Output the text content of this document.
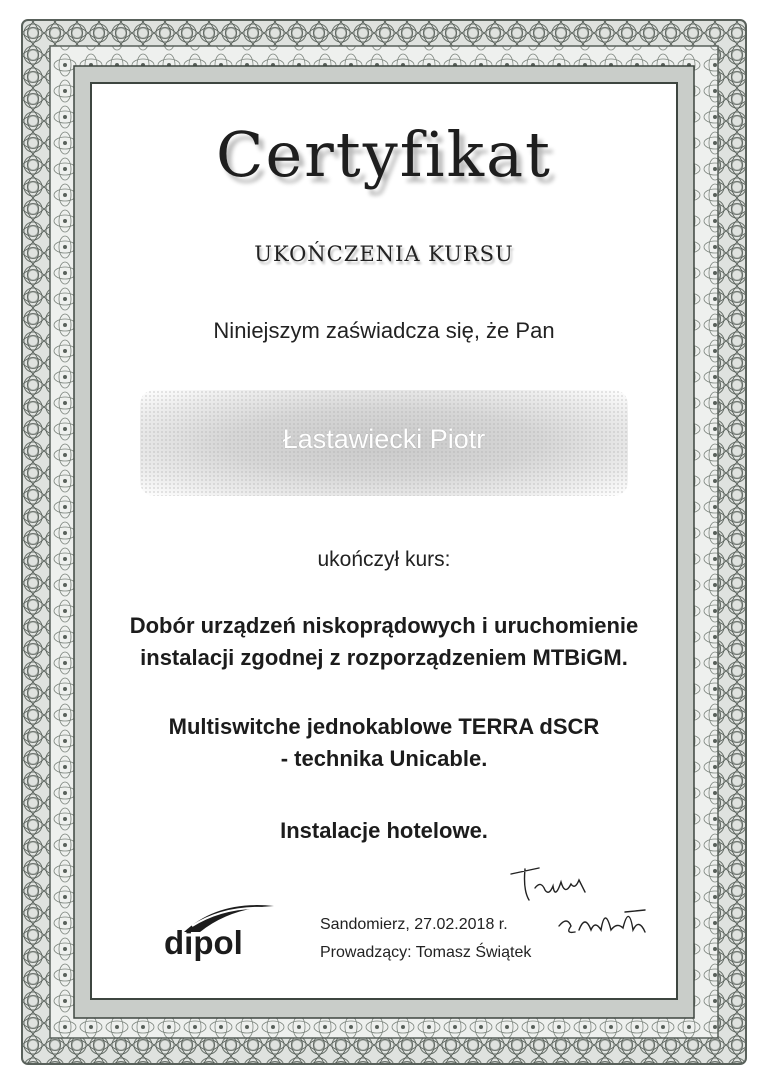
Certyfikat
UKOŃCZENIA KURSU
Niniejszym zaświadcza się, że Pan
Łastawiecki Piotr
ukończył kurs:
Dobór urządzeń niskoprądowych i uruchomienie
instalacji zgodnej z rozporządzeniem MTBiGM.
Multiswitche jednokablowe TERRA dSCR
- technika Unicable.
Instalacje hotelowe.
dipol	Sandomierz, 27.02.2018 r.
Prowadzący: Tomasz Świątek
